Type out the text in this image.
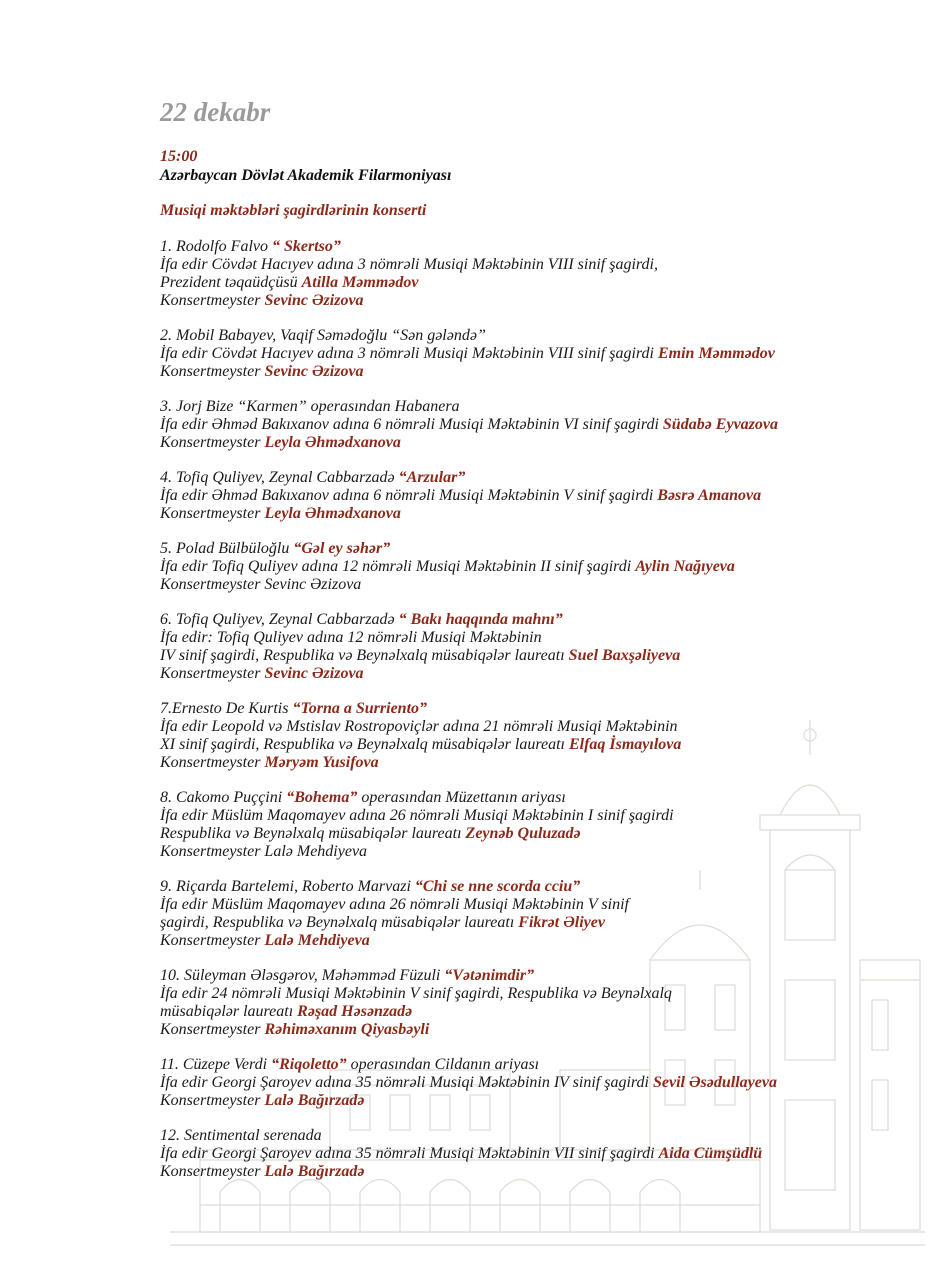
22 dekabr
15:00
Azərbaycan Dövlət Akademik Filarmoniyası
Musiqi məktəbləri şagirdlərinin konserti
1. Rodolfo Falvo “ Skertso”
İfa edir Cövdət Hacıyev adına 3 nömrəli Musiqi Məktəbinin VIII sinif şagirdi,
Prezident təqaüdçüsü Atilla Məmmədov
Konsertmeyster Sevinc Əzizova
2. Mobil Babayev, Vaqif Səmədoğlu “Sən gələndə”
İfa edir Cövdət Hacıyev adına 3 nömrəli Musiqi Məktəbinin VIII sinif şagirdi Emin Məmmədov
Konsertmeyster Sevinc Əzizova
3. Jorj Bize “Karmen” operasından Habanera
İfa edir Əhməd Bakıxanov adına 6 nömrəli Musiqi Məktəbinin VI sinif şagirdi Südabə Eyvazova
Konsertmeyster Leyla Əhmədxanova
4. Tofiq Quliyev, Zeynal Cabbarzadə “Arzular”
İfa edir Əhməd Bakıxanov adına 6 nömrəli Musiqi Məktəbinin V sinif şagirdi Bəsrə Amanova
Konsertmeyster Leyla Əhmədxanova
5. Polad Bülbüloğlu “Gəl ey səhər”
İfa edir Tofiq Quliyev adına 12 nömrəli Musiqi Məktəbinin II sinif şagirdi Aylin Nağıyeva
Konsertmeyster Sevinc Əzizova
6. Tofiq Quliyev, Zeynal Cabbarzadə “ Bakı haqqında mahnı”
İfa edir: Tofiq Quliyev adına 12 nömrəli Musiqi Məktəbinin
IV sinif şagirdi, Respublika və Beynəlxalq müsabiqələr laureatı Suel Baxşəliyeva
Konsertmeyster Sevinc Əzizova
7.Ernesto De Kurtis “Torna a Surriento”
İfa edir Leopold və Mstislav Rostropoviçlər adına 21 nömrəli Musiqi Məktəbinin
XI sinif şagirdi, Respublika və Beynəlxalq müsabiqələr laureatı Elfaq İsmayılova
Konsertmeyster Məryəm Yusifova
8. Cakomo Puççini “Bohema” operasından Müzettanın ariyası
İfa edir Müslüm Maqomayev adına 26 nömrəli Musiqi Məktəbinin I sinif şagirdi
Respublika və Beynəlxalq müsabiqələr laureatı Zeynəb Quluzadə
Konsertmeyster Lalə Mehdiyeva
9. Riçarda Bartelemi, Roberto Marvazi “Chi se nne scorda cciu”
İfa edir Müslüm Maqomayev adına 26 nömrəli Musiqi Məktəbinin V sinif
şagirdi, Respublika və Beynəlxalq müsabiqələr laureatı Fikrət Əliyev
Konsertmeyster Lalə Mehdiyeva
10. Süleyman Ələsgərov, Məhəmməd Füzuli “Vətənimdir”
İfa edir 24 nömrəli Musiqi Məktəbinin V sinif şagirdi, Respublika və Beynəlxalq
müsabiqələr laureatı Rəşad Həsənzadə
Konsertmeyster Rəhiməxanım Qiyasbəyli
11. Cüzepe Verdi “Riqoletto” operasından Cildanın ariyası
İfa edir Georgi Şaroyev adına 35 nömrəli Musiqi Məktəbinin IV sinif şagirdi Sevil Əsədullayeva
Konsertmeyster Lalə Bağırzadə
12. Sentimental serenada
İfa edir Georgi Şaroyev adına 35 nömrəli Musiqi Məktəbinin VII sinif şagirdi Aida Cümşüdlü
Konsertmeyster Lalə Bağırzadə
